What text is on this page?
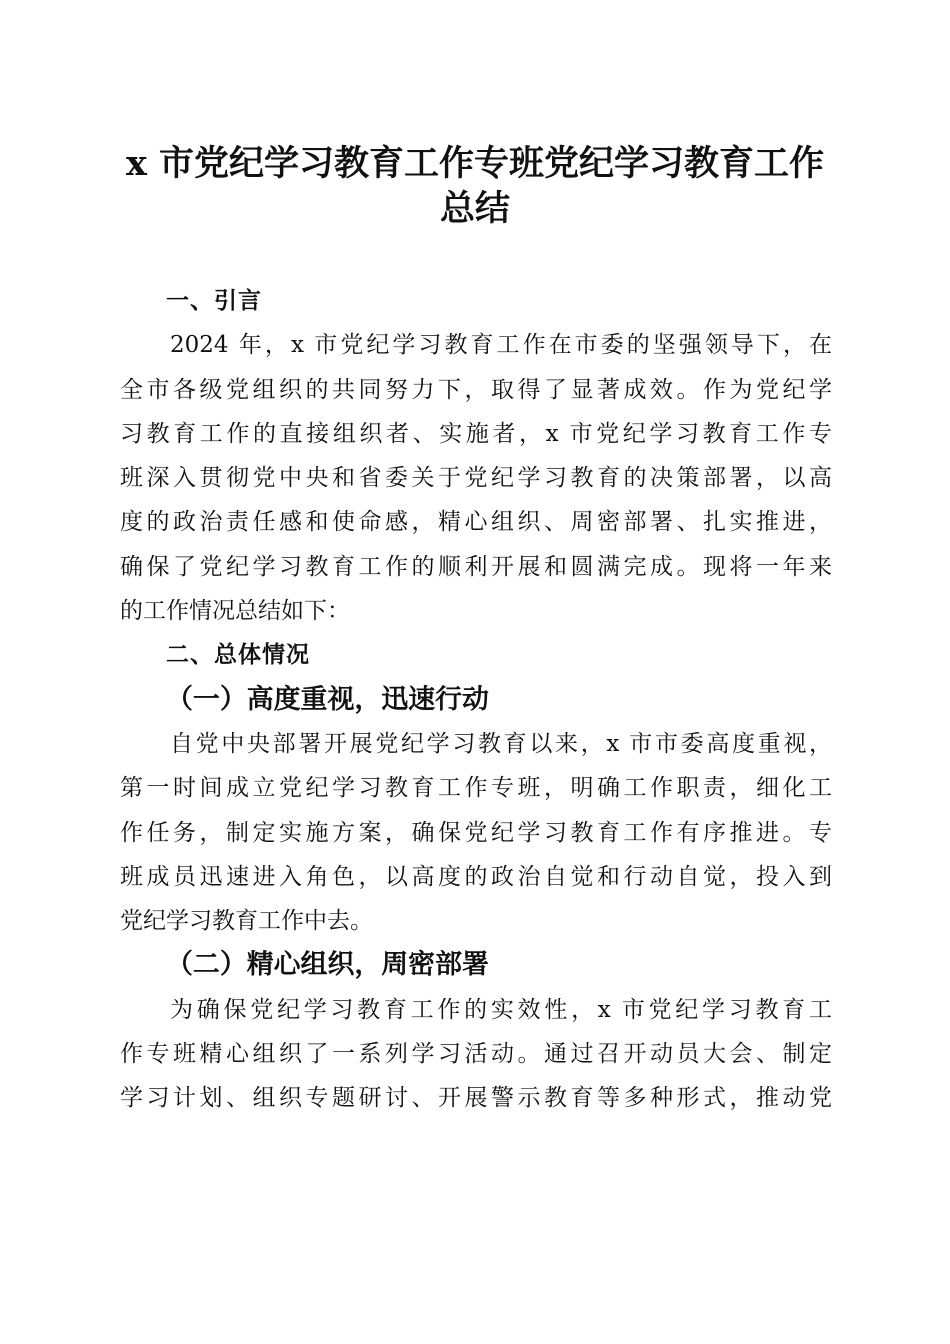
x 市党纪学习教育工作专班党纪学习教育工作
总结
一、引言
2024 年，x 市党纪学习教育工作在市委的坚强领导下，在
全市各级党组织的共同努力下，取得了显著成效。作为党纪学
习教育工作的直接组织者、实施者，x 市党纪学习教育工作专
班深入贯彻党中央和省委关于党纪学习教育的决策部署，以高
度的政治责任感和使命感，精心组织、周密部署、扎实推进，
确保了党纪学习教育工作的顺利开展和圆满完成。现将一年来
的工作情况总结如下：
二、总体情况
（一）高度重视，迅速行动
自党中央部署开展党纪学习教育以来，x 市市委高度重视，
第一时间成立党纪学习教育工作专班，明确工作职责，细化工
作任务，制定实施方案，确保党纪学习教育工作有序推进。专
班成员迅速进入角色，以高度的政治自觉和行动自觉，投入到
党纪学习教育工作中去。
（二）精心组织，周密部署
为确保党纪学习教育工作的实效性，x 市党纪学习教育工
作专班精心组织了一系列学习活动。通过召开动员大会、制定
学习计划、组织专题研讨、开展警示教育等多种形式，推动党
